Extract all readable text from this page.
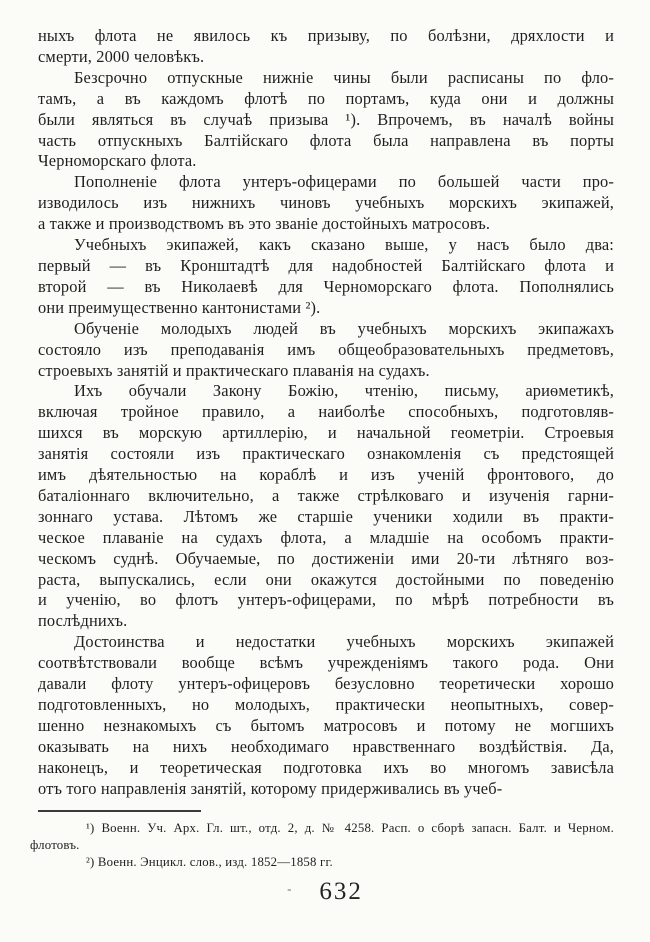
ныхъ флота не явилось къ призыву, по болѣзни, дряхлости и
смерти, 2000 человѣкъ.
Безсрочно отпускные нижніе чины были расписаны по фло-
тамъ, а въ каждомъ флотѣ по портамъ, куда они и должны
были являться въ случаѣ призыва ¹). Впрочемъ, въ началѣ войны
часть отпускныхъ Балтійскаго флота была направлена въ порты
Черноморскаго флота.
Пополненіе флота унтеръ-офицерами по большей части про-
изводилось изъ нижнихъ чиновъ учебныхъ морскихъ экипажей,
а также и производствомъ въ это званіе достойныхъ матросовъ.
Учебныхъ экипажей, какъ сказано выше, у насъ было два:
первый — въ Кронштадтѣ для надобностей Балтійскаго флота и
второй — въ Николаевѣ для Черноморскаго флота. Пополнялись
они преимущественно кантонистами ²).
Обученіе молодыхъ людей въ учебныхъ морскихъ экипажахъ
состояло изъ преподаванія имъ общеобразовательныхъ предметовъ,
строевыхъ занятій и практическаго плаванія на судахъ.
Ихъ обучали Закону Божію, чтенію, письму, ариѳметикѣ,
включая тройное правило, а наиболѣе способныхъ, подготовляв-
шихся въ морскую артиллерію, и начальной геометріи. Строевыя
занятія состояли изъ практическаго ознакомленія съ предстоящей
имъ дѣятельностью на кораблѣ и изъ ученій фронтового, до
баталіоннаго включительно, а также стрѣлковаго и изученія гарни-
зоннаго устава. Лѣтомъ же старшіе ученики ходили въ практи-
ческое плаваніе на судахъ флота, а младшіе на особомъ практи-
ческомъ суднѣ. Обучаемые, по достиженіи ими 20-ти лѣтняго воз-
раста, выпускались, если они окажутся достойными по поведенію
и ученію, во флотъ унтеръ-офицерами, по мѣрѣ потребности въ
послѣднихъ.
Достоинства и недостатки учебныхъ морскихъ экипажей
соотвѣтствовали вообще всѣмъ учрежденіямъ такого рода. Они
давали флоту унтеръ-офицеровъ безусловно теоретически хорошо
подготовленныхъ, но молодыхъ, практически неопытныхъ, совер-
шенно незнакомыхъ съ бытомъ матросовъ и потому не могшихъ
оказывать на нихъ необходимаго нравственнаго воздѣйствія. Да,
наконецъ, и теоретическая подготовка ихъ во многомъ зависѣла
отъ того направленія занятій, которому придерживались въ учеб-
¹) Военн. Уч. Арх. Гл. шт., отд. 2, д. № 4258. Расп. о сборѣ запасн. Балт. и Черном.
флотовъ.
²) Военн. Энцикл. слов., изд. 1852—1858 гг.
- 632
